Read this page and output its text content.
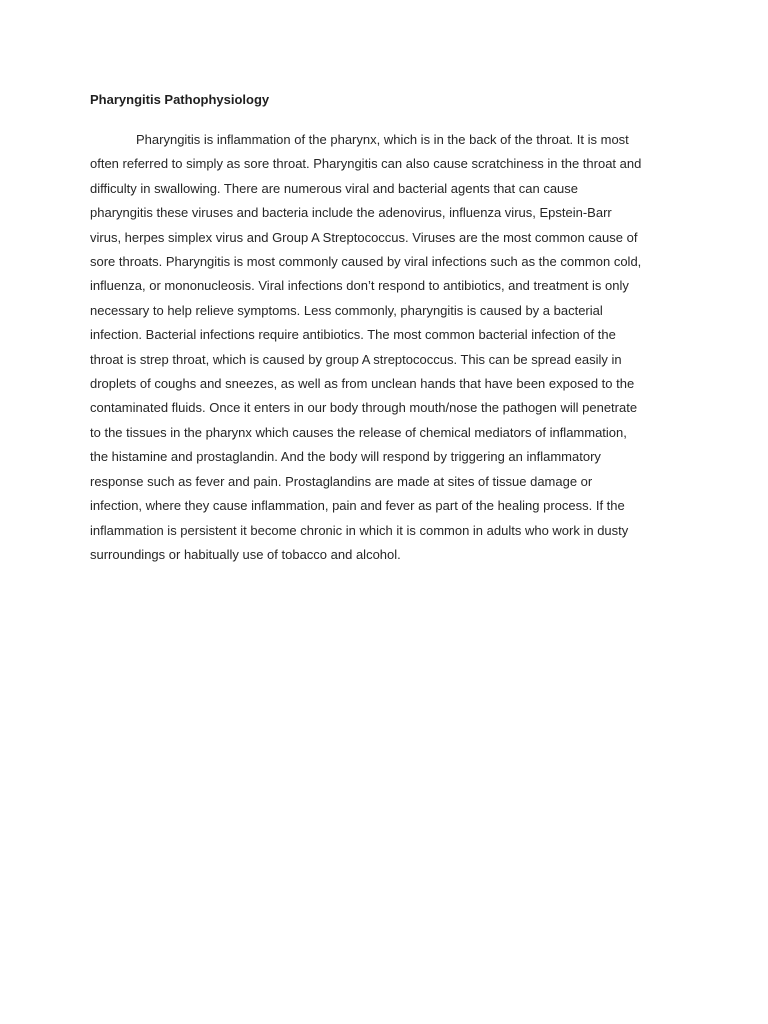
Pharyngitis Pathophysiology

Pharyngitis is inflammation of the pharynx, which is in the back of the throat. It is most
often referred to simply as sore throat. Pharyngitis can also cause scratchiness in the throat and
difficulty in swallowing. There are numerous viral and bacterial agents that can cause
pharyngitis these viruses and bacteria include the adenovirus, influenza virus, Epstein-Barr
virus, herpes simplex virus and Group A Streptococcus. Viruses are the most common cause of
sore throats. Pharyngitis is most commonly caused by viral infections such as the common cold,
influenza, or mononucleosis. Viral infections don’t respond to antibiotics, and treatment is only
necessary to help relieve symptoms. Less commonly, pharyngitis is caused by a bacterial
infection. Bacterial infections require antibiotics. The most common bacterial infection of the
throat is strep throat, which is caused by group A streptococcus. This can be spread easily in
droplets of coughs and sneezes, as well as from unclean hands that have been exposed to the
contaminated fluids. Once it enters in our body through mouth/nose the pathogen will penetrate
to the tissues in the pharynx which causes the release of chemical mediators of inflammation,
the histamine and prostaglandin. And the body will respond by triggering an inflammatory
response such as fever and pain. Prostaglandins are made at sites of tissue damage or
infection, where they cause inflammation, pain and fever as part of the healing process. If the
inflammation is persistent it become chronic in which it is common in adults who work in dusty
surroundings or habitually use of tobacco and alcohol.
